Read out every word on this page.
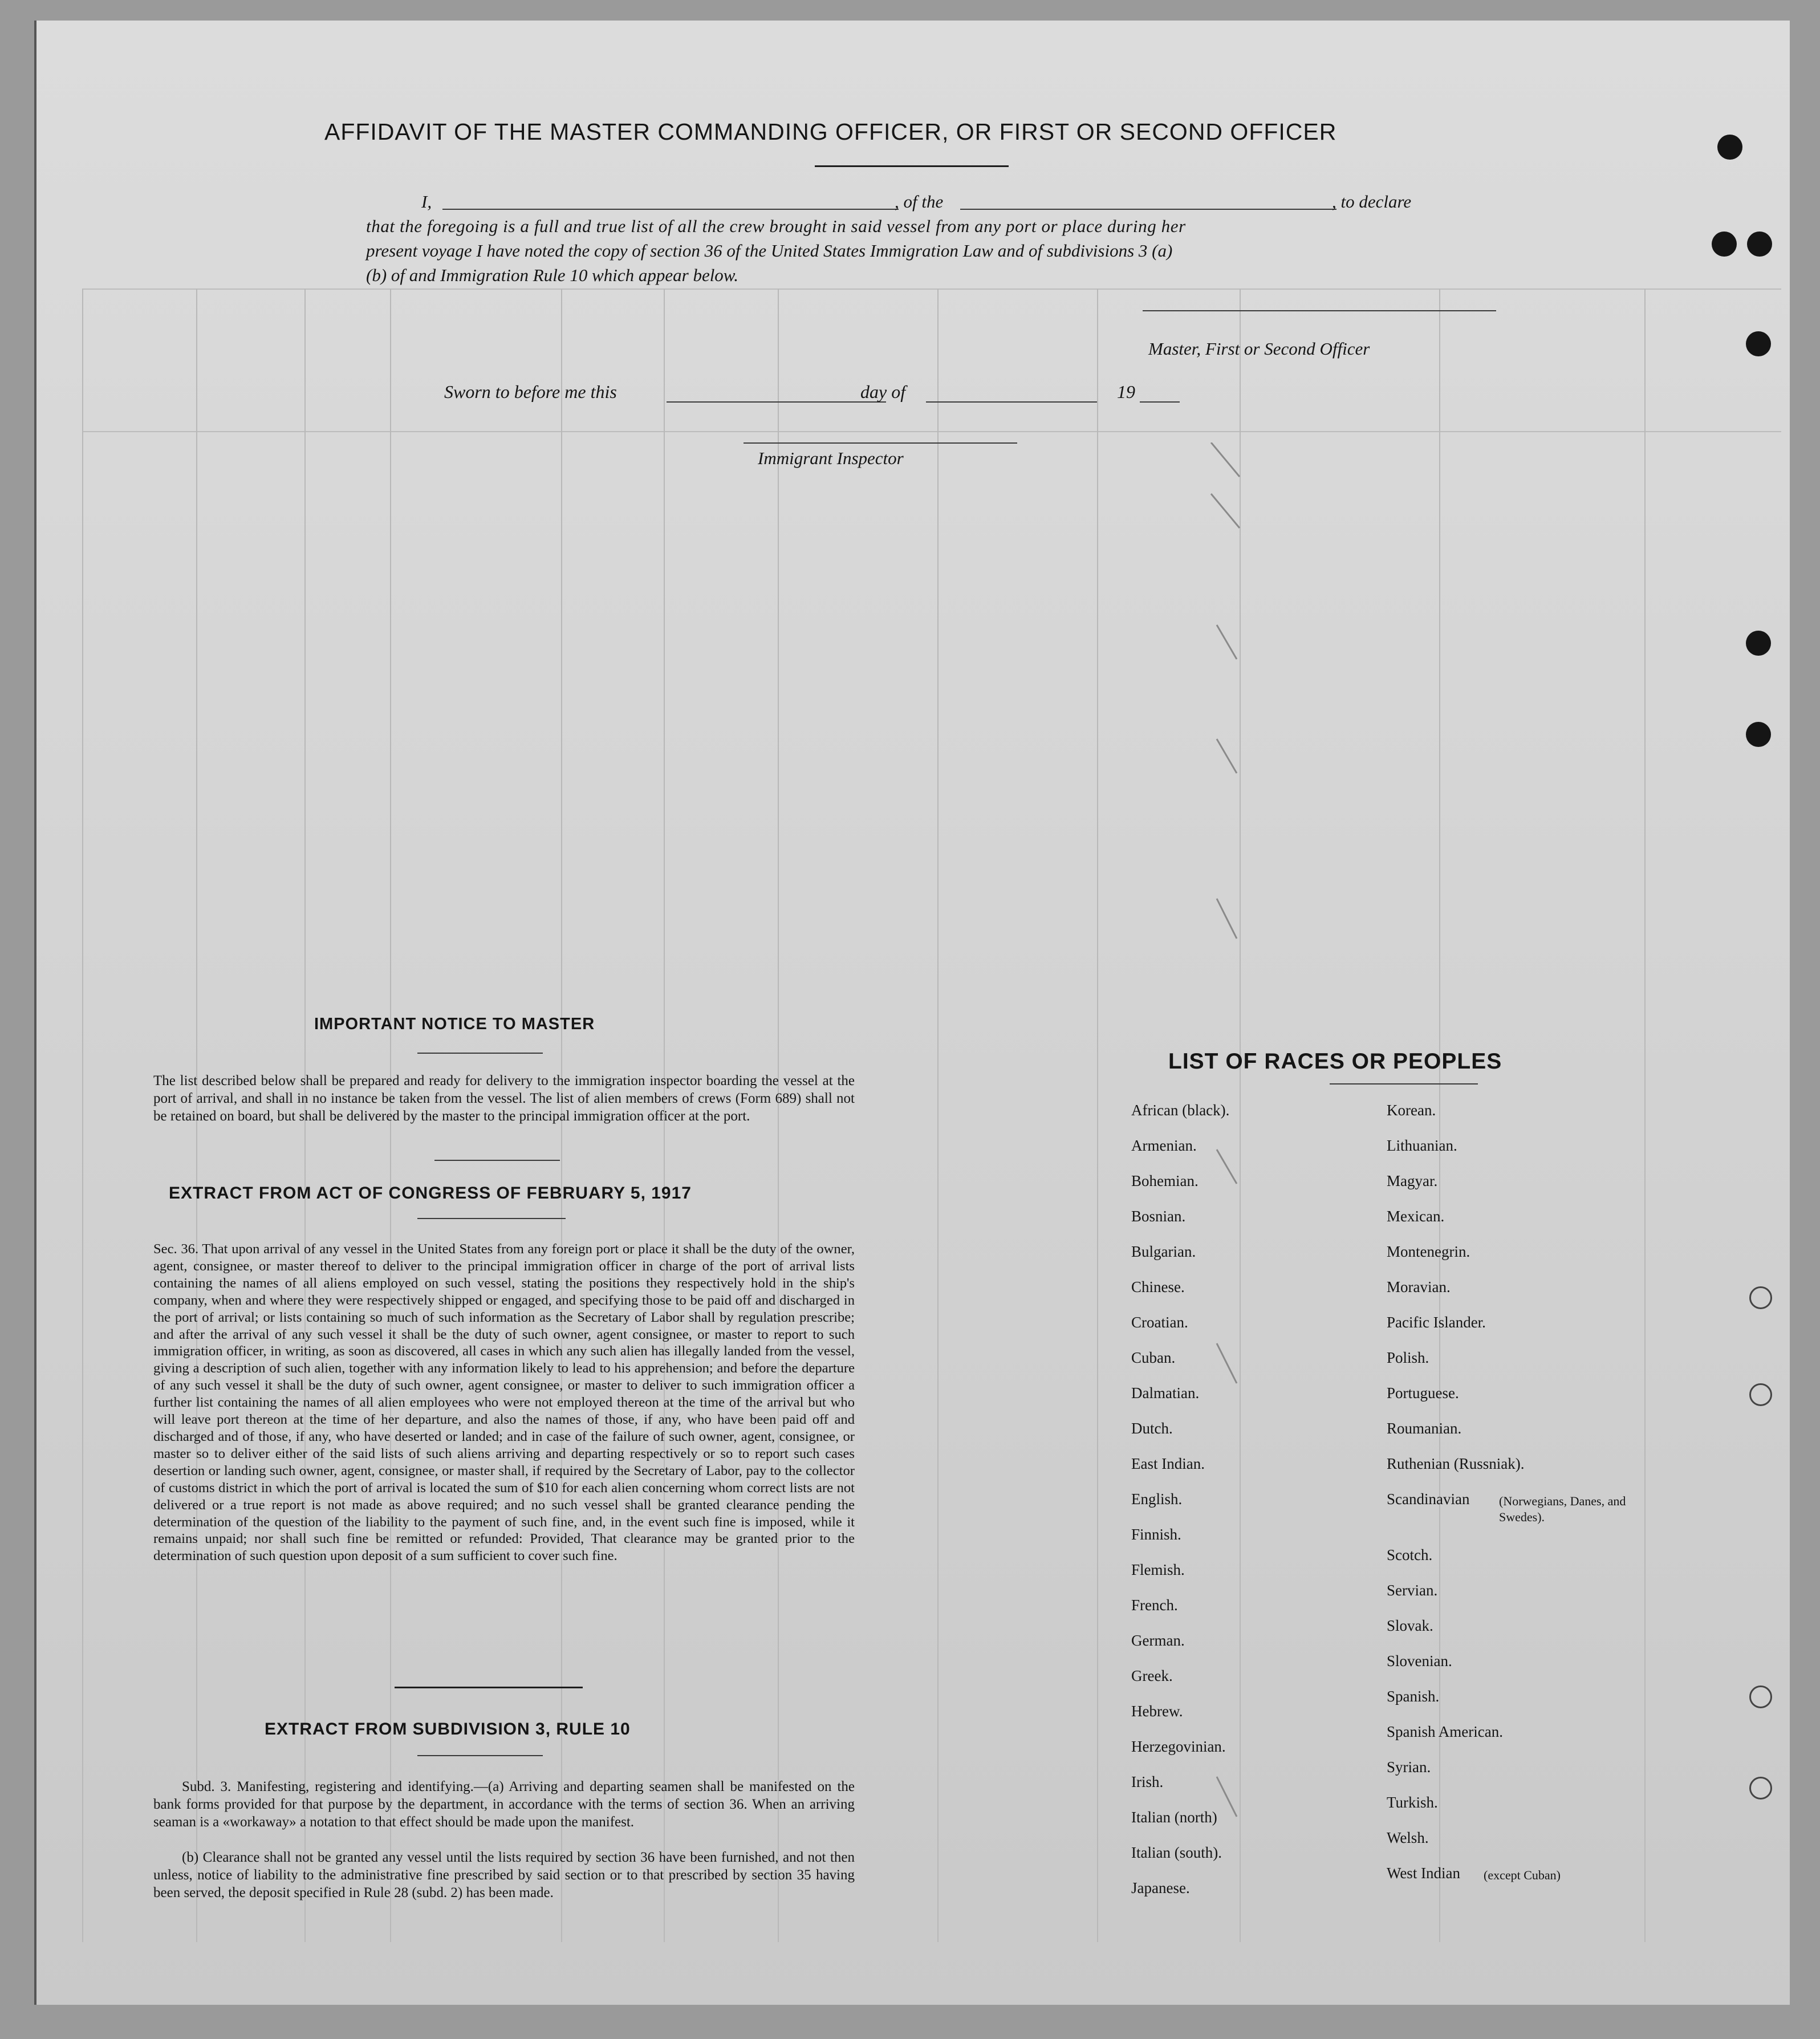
AFFIDAVIT OF THE MASTER COMMANDING OFFICER, OR FIRST OR SECOND OFFICER
I,	, of the	, to declare
that the foregoing is a full and true list of all the crew brought in said vessel from any port or place during her
present voyage I have noted the copy of section 36 of the United States Immigration Law and of subdivisions 3 (a)
(b) of and Immigration Rule 10 which appear below.
Master, First or Second Officer
Sworn to before me this	day of	19
Immigrant Inspector
IMPORTANT NOTICE TO MASTER
The list described below shall be prepared and ready for delivery to the immigration inspector boarding the vessel at the port of arrival, and shall in no instance be taken from the vessel. The list of alien members of crews (Form 689) shall not be retained on board, but shall be delivered by the master to the principal immigration officer at the port.
EXTRACT FROM ACT OF CONGRESS OF FEBRUARY 5, 1917
Sec. 36. That upon arrival of any vessel in the United States from any foreign port or place it shall be the duty of the owner, agent, consignee, or master thereof to deliver to the principal immigration officer in charge of the port of arrival lists containing the names of all aliens employed on such vessel, stating the positions they respectively hold in the ship's company, when and where they were respectively shipped or engaged, and specifying those to be paid off and discharged in the port of arrival; or lists containing so much of such information as the Secretary of Labor shall by regulation prescribe; and after the arrival of any such vessel it shall be the duty of such owner, agent consignee, or master to report to such immigration officer, in writing, as soon as discovered, all cases in which any such alien has illegally landed from the vessel, giving a description of such alien, together with any information likely to lead to his apprehension; and before the departure of any such vessel it shall be the duty of such owner, agent consignee, or master to deliver to such immigration officer a further list containing the names of all alien employees who were not employed thereon at the time of the arrival but who will leave port thereon at the time of her departure, and also the names of those, if any, who have been paid off and discharged and of those, if any, who have deserted or landed; and in case of the failure of such owner, agent, consignee, or master so to deliver either of the said lists of such aliens arriving and departing respectively or so to report such cases desertion or landing such owner, agent, consignee, or master shall, if required by the Secretary of Labor, pay to the collector of customs district in which the port of arrival is located the sum of $10 for each alien concerning whom correct lists are not delivered or a true report is not made as above required; and no such vessel shall be granted clearance pending the determination of the question of the liability to the payment of such fine, and, in the event such fine is imposed, while it remains unpaid; nor shall such fine be remitted or refunded: Provided, That clearance may be granted prior to the determination of such question upon deposit of a sum sufficient to cover such fine.
EXTRACT FROM SUBDIVISION 3, RULE 10
Subd. 3. Manifesting, registering and identifying.—(a) Arriving and departing seamen shall be manifested on the bank forms provided for that purpose by the department, in accordance with the terms of section 36. When an arriving seaman is a «workaway» a notation to that effect should be made upon the manifest.
(b) Clearance shall not be granted any vessel until the lists required by section 36 have been furnished, and not then unless, notice of liability to the administrative fine prescribed by said section or to that prescribed by section 35 having been served, the deposit specified in Rule 28 (subd. 2) has been made.
LIST OF RACES OR PEOPLES
African (black).
Armenian.
Bohemian.
Bosnian.
Bulgarian.
Chinese.
Croatian.
Cuban.
Dalmatian.
Dutch.
East Indian.
English.
Finnish.
Flemish.
French.
German.
Greek.
Hebrew.
Herzegovinian.
Irish.
Italian (north)
Italian (south).
Japanese.
Korean.
Lithuanian.
Magyar.
Mexican.
Montenegrin.
Moravian.
Pacific Islander.
Polish.
Portuguese.
Roumanian.
Ruthenian (Russniak).
Scandinavian (Norwegians, Danes, and Swedes).
Scotch.
Servian.
Slovak.
Slovenian.
Spanish.
Spanish American.
Syrian.
Turkish.
Welsh.
West Indian (except Cuban)
